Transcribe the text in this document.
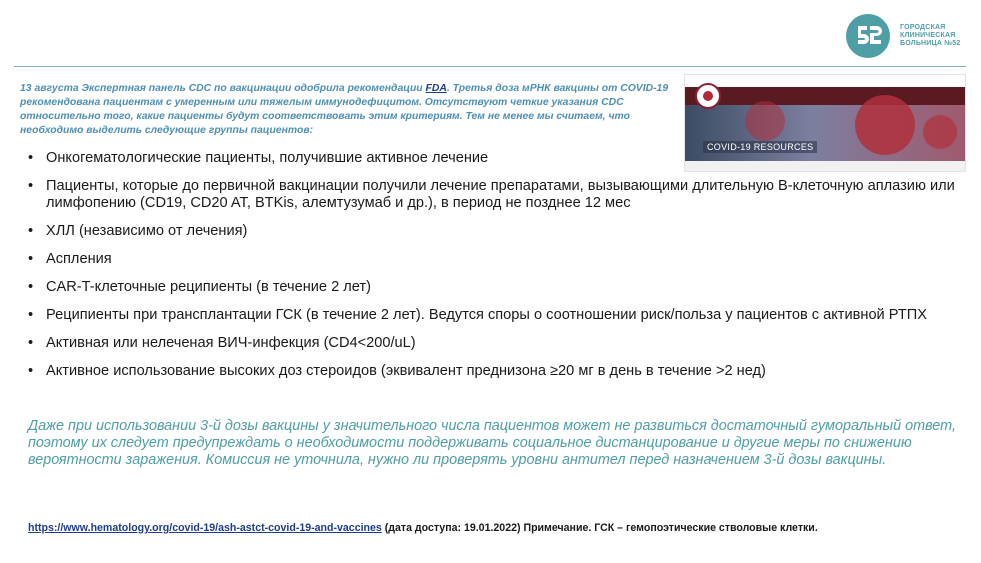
ГОРОДСКАЯ
КЛИНИЧЕСКАЯ
БОЛЬНИЦА №52

13 августа Экспертная панель CDC по вакцинации одобрила рекомендации FDA. Третья доза мРНК вакцины от COVID-19 рекомендована пациентам с умеренным или тяжелым иммунодефицитом. Отсутствуют четкие указания CDC относительно того, какие пациенты будут соответствовать этим критериям. Тем не менее мы считаем, что необходимо выделить следующие группы пациентов:

COVID-19 RESOURCES
• Онкогематологические пациенты, получившие активное лечение
• Пациенты, которые до первичной вакцинации получили лечение препаратами, вызывающими длительную В-клеточную аплазию или лимфопению (CD19, CD20 AT, BTKis, алемтузумаб и др.), в период не позднее 12 мес
• ХЛЛ (независимо от лечения)
• Аспления
• CAR-T-клеточные реципиенты (в течение 2 лет)
• Реципиенты при трансплантации ГСК (в течение 2 лет). Ведутся споры о соотношении риск/польза у пациентов с активной РТПХ
• Активная или нелеченая ВИЧ-инфекция (CD4<200/uL)
• Активное использование высоких доз стероидов (эквивалент преднизона ≥20 мг в день в течение >2 нед)

Даже при использовании 3-й дозы вакцины у значительного числа пациентов может не развиться достаточный гуморальный ответ, поэтому их следует предупреждать о необходимости поддерживать социальное дистанцирование и другие меры по снижению вероятности заражения. Комиссия не уточнила, нужно ли проверять уровни антител перед назначением 3-й дозы вакцины.

https://www.hematology.org/covid-19/ash-astct-covid-19-and-vaccines (дата доступа: 19.01.2022) Примечание. ГСК – гемопоэтические стволовые клетки.
